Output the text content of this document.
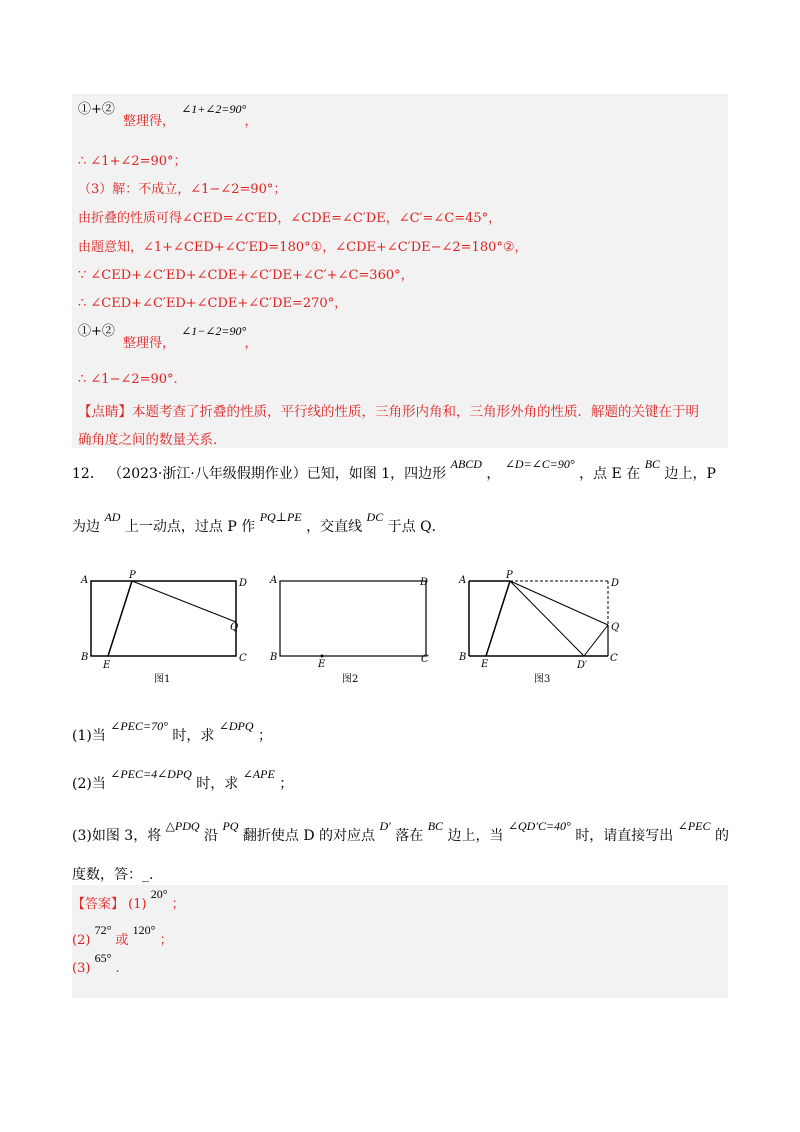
①+② 整理得， ∠1+∠2=90° ，
∴ ∠1+∠2=90°；
（3）解：不成立，∠1−∠2=90°；
由折叠的性质可得∠CED=∠C′ED，∠CDE=∠C′DE，∠C′=∠C=45°，
由题意知，∠1+∠CED+∠C′ED=180°①，∠CDE+∠C′DE−∠2=180°②，
∵ ∠CED+∠C′ED+∠CDE+∠C′DE+∠C′+∠C=360°，
∴ ∠CED+∠C′ED+∠CDE+∠C′DE=270°，
①+② 整理得， ∠1−∠2=90° ，
∴ ∠1−∠2=90°.
【点睛】本题考查了折叠的性质，平行线的性质，三角形内角和，三角形外角的性质．解题的关键在于明
确角度之间的数量关系．
12． （2023·浙江·八年级假期作业）已知，如图 1，四边形 ABCD ， ∠D=∠C=90° ，点 E 在 BC 边上，P
为边 AD 上一动点，过点 P 作 PQ⊥PE ，交直线 DC 于点 Q．
A	D
P
B
E
C
Q
图1
A	D
B
E	C
图2
A	D
P
B
E
C
Q
D′
图3
(1)当 ∠PEC=70° 时，求 ∠DPQ ；
(2)当 ∠PEC=4∠DPQ 时，求 ∠APE ；
(3)如图 3，将 △PDQ 沿 PQ 翻折使点 D 的对应点 D′ 落在 BC 边上，当 ∠QD′C=40° 时，请直接写出 ∠PEC 的
度数，答：_.
【答案】 (1) 20° ；
(2) 72° 或 120° ；
(3) 65° .
